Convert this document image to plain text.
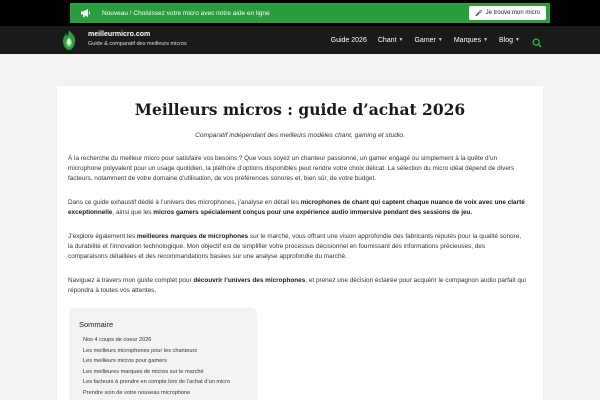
Nouveau ! Choisissez votre micro avec notre aide en ligne	🎤 Je trouve mon micro
meilleurmicro.com
Guide & comparatif des meilleurs micros
Guide 2026 Chant ▼ Gamer ▼ Marques ▼ Blog ▼
Meilleurs micros : guide d’achat 2026

Comparatif indépendant des meilleurs modèles chant, gaming et studio.

À la recherche du meilleur micro pour satisfaire vos besoins ? Que vous soyez un chanteur passionné, un gamer engagé ou simplement à la quête d’un microphone polyvalent pour un usage quotidien, la pléthore d’options disponibles peut rendre votre choix délicat. La sélection du micro idéal dépend de divers facteurs, notamment de votre domaine d’utilisation, de vos préférences sonores et, bien sûr, de votre budget.

Dans ce guide exhaustif dédié à l’univers des microphones, j’analyse en détail les microphones de chant qui captent chaque nuance de voix avec une clarté exceptionnelle, ainsi que les micros gamers spécialement conçus pour une expérience audio immersive pendant des sessions de jeu.

J’explore également les meilleures marques de microphones sur le marché, vous offrant une vision approfondie des fabricants réputés pour la qualité sonore, la durabilité et l’innovation technologique. Mon objectif est de simplifier votre processus décisionnel en fournissant des informations précieuses, des comparaisons détaillées et des recommandations basées sur une analyse approfondie du marché.

Naviguez à travers mon guide complet pour découvrir l’univers des microphones, et prenez une décision éclairée pour acquérir le compagnon audio parfait qui répondra à toutes vos attentes.

Sommaire
Nos 4 coups de coeur 2026
Les meilleurs microphones pour les chanteurs
Les meilleurs micros pour gamers
Les meilleures marques de micros sur le marché
Les facteurs à prendre en compte lors de l’achat d’un micro
Prendre soin de votre nouveau microphone
